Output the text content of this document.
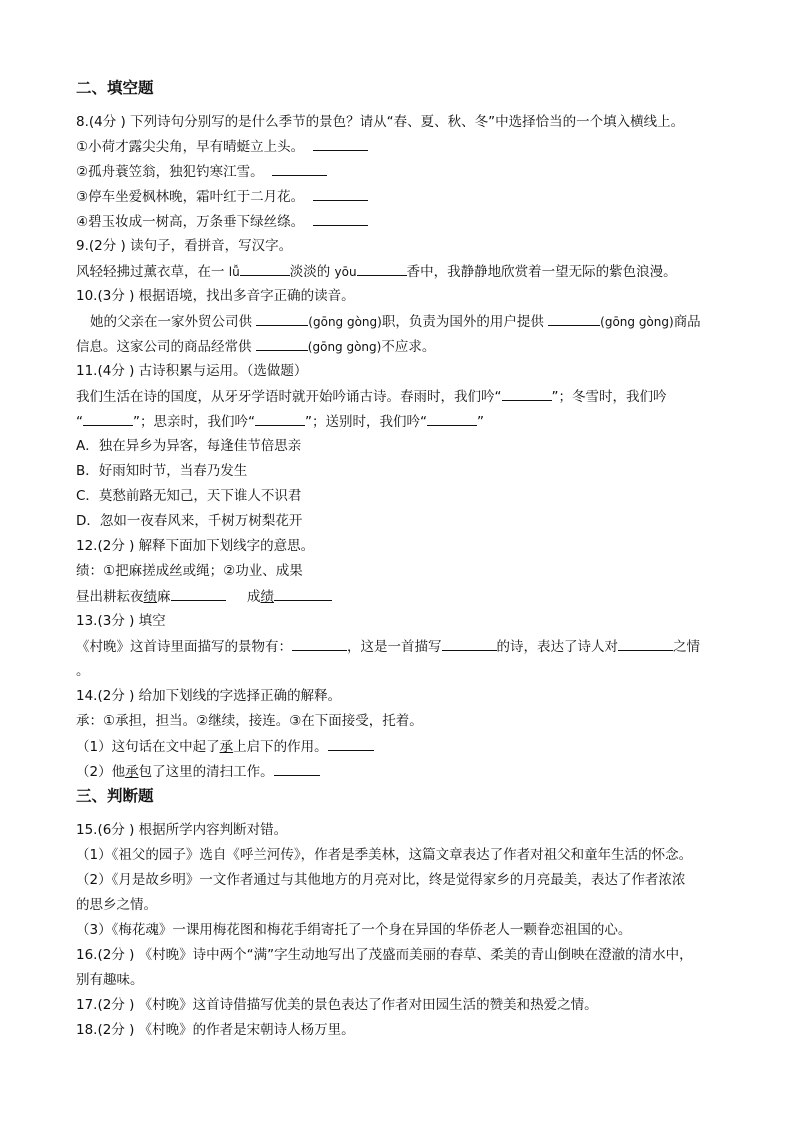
二、填空题
8.(4分 ) 下列诗句分别写的是什么季节的景色？请从“春、夏、秋、冬”中选择恰当的一个填入横线上。
①小荷才露尖尖角，早有晴蜓立上头。
②孤舟蓑笠翁，独犯钓寒江雪。
③停车坐爱枫林晚，霜叶红于二月花。
④碧玉妆成一树高，万条垂下绿丝绦。
9.(2分 ) 读句子，看拼音，写汉字。
风轻轻拂过薰衣草，在一 lǚ	淡淡的 yōu	香中，我静静地欣赏着一望无际的紫色浪漫。
10.(3分 ) 根据语境，找出多音字正确的读音。
她的父亲在一家外贸公司供	(gōng gòng)职，负责为国外的用户提供	(gōng gòng)商品
信息。这家公司的商品经常供	(gōng gòng)不应求。
11.(4分 ) 古诗积累与运用。（选做题）
我们生活在诗的国度，从牙牙学语时就开始吟诵古诗。春雨时，我们吟“	”；冬雪时，我们吟
“	”；思亲时，我们吟“	”；送别时，我们吟“	”
A．独在异乡为异客，每逢佳节倍思亲
B．好雨知时节，当春乃发生
C．莫愁前路无知己，天下谁人不识君
D．忽如一夜春风来，千树万树梨花开
12.(2分 ) 解释下面加下划线字的意思。
绩：①把麻搓成丝或绳；②功业、成果
昼出耕耘夜绩麻	成绩
13.(3分 ) 填空
《村晚》这首诗里面描写的景物有：	，这是一首描写	的诗，表达了诗人对	之情
。
14.(2分 ) 给加下划线的字选择正确的解释。
承：①承担，担当。②继续，接连。③在下面接受，托着。
（1）这句话在文中起了承上启下的作用。
（2）他承包了这里的清扫工作。
三、判断题
15.(6分 ) 根据所学内容判断对错。
（1）《祖父的园子》选自《呼兰河传》，作者是季美林，这篇文章表达了作者对祖父和童年生活的怀念。
（2）《月是故乡明》一文作者通过与其他地方的月亮对比，终是觉得家乡的月亮最美，表达了作者浓浓
的思乡之情。
（3）《梅花魂》一课用梅花图和梅花手绢寄托了一个身在异国的华侨老人一颗眷恋祖国的心。
16.(2分 ) 《村晚》诗中两个“满”字生动地写出了茂盛而美丽的春草、柔美的青山倒映在澄澈的清水中，
别有趣味。
17.(2分 ) 《村晚》这首诗借描写优美的景色表达了作者对田园生活的赞美和热爱之情。
18.(2分 ) 《村晚》的作者是宋朝诗人杨万里。
